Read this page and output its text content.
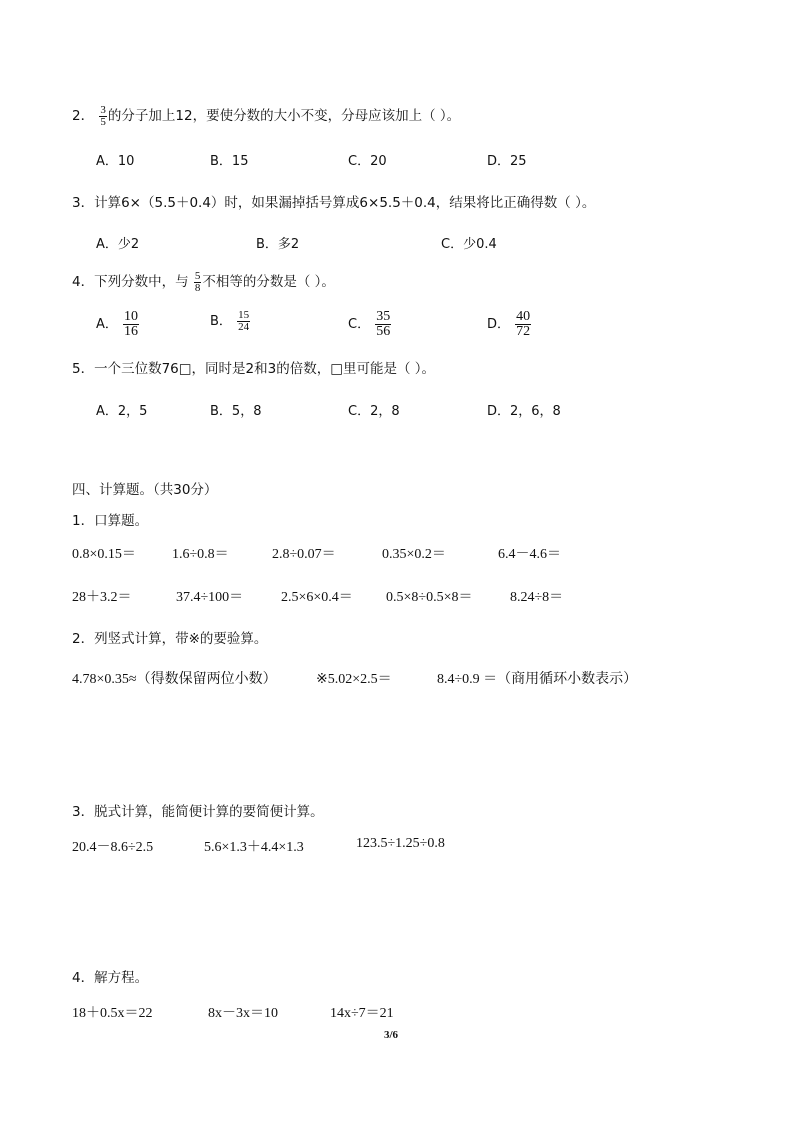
2． $\frac{3}{5}$ 的分子加上12，要使分数的大小不变，分母应该加上（ ）。
A．10	B．15	C．20	D．25
3．计算6×（5.5＋0.4）时，如果漏掉括号算成6×5.5＋0.4，结果将比正确得数（ ）。
A．少2	B．多2	C．少0.4
4．下列分数中，与 $\frac{5}{8}$ 不相等的分数是（ ）。
A． $\frac{10}{16}$	B． $\frac{15}{24}$	C． $\frac{35}{56}$	D． $\frac{40}{72}$
5．一个三位数76□，同时是2和3的倍数，□里可能是（ ）。
A．2，5	B．5，8	C．2，8	D．2，6，8
四、计算题。（共30分）
1．口算题。
0.8×0.15＝	1.6÷0.8＝	2.8÷0.07＝	0.35×0.2＝	6.4－4.6＝
28＋3.2＝	37.4÷100＝	2.5×6×0.4＝ 0.5×8÷0.5×8＝	8.24÷8＝
2．列竖式计算，带※的要验算。
4.78×0.35≈（得数保留两位小数）	※5.02×2.5＝	8.4÷0.9 ＝（商用循环小数表示）
3．脱式计算，能简便计算的要简便计算。
20.4－8.6÷2.5	5.6×1.3＋4.4×1.3	123.5÷1.25÷0.8
4．解方程。
18＋0.5x＝22	8x－3x＝10	14x÷7＝21
3/6
